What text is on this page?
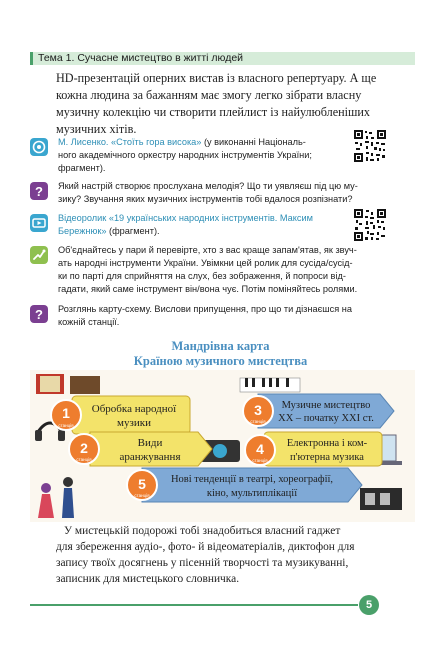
Тема 1. Сучасне мистецтво в житті людей
HD-презентацій оперних вистав із власного репертуару. А ще
кожна людина за бажанням має змогу легко зібрати власну
музичну колекцію чи створити плейлист із найулюбленіших
музичних хітів.
М. Лисенко. «Стоїть гора висока» (у виконанні Національ-
ного академічного оркестру народних інструментів України;
фрагмент).
? Який настрій створює прослухана мелодія? Що ти уявляєш під цю му-
зику? Звучання яких музичних інструментів тобі вдалося розпізнати?
Відеоролик «19 українських народних інструментів. Максим
Бережнюк» (фрагмент).
Об'єднайтесь у пари й перевірте, хто з вас краще запам'ятав, як звуч-
ать народні інструменти України. Увімкни цей ролик для сусіда/сусід-
ки по парті для сприйняття на слух, без зображення, й попроси від-
гадати, який саме інструмент він/вона чує. Потім поміняйтесь ролями.
? Розглянь карту-схему. Вислови припущення, про що ти дізнаєшся на
кожній станції.
Мандрівна карта
Країною музичного мистецтва
1
станція
Обробка народної
музики
3
станція
Музичне мистецтво
ХХ – початку ХХІ ст.
2
станція
Види
аранжування	4
станція
Електронна і ком-
п'ютерна музика
5
станція
Нові тенденції в театрі, хореографії,
кіно, мультиплікації
У мистецькій подорожі тобі знадобиться власний гаджет
для збереження аудіо-, фото- й відеоматеріалів, диктофон для
запису твоїх досягнень у пісенній творчості та музикуванні,
записник для мистецького словничка.
5
